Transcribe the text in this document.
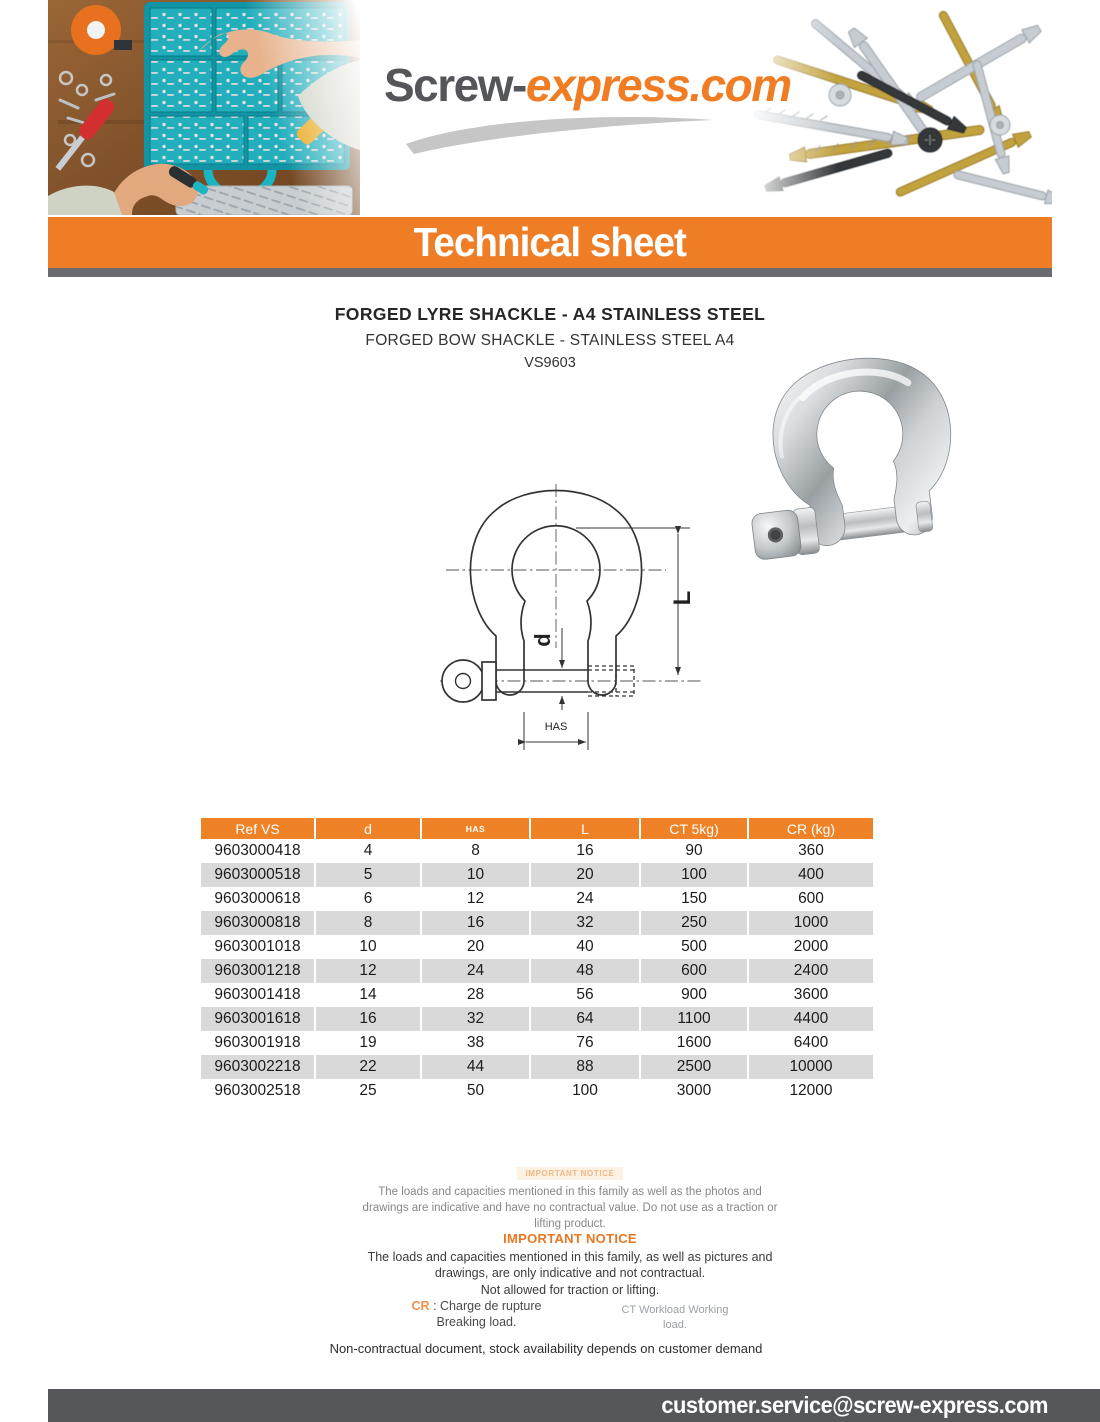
Screw-express.com
Technical sheet
FORGED LYRE SHACKLE - A4 STAINLESS STEEL
FORGED BOW SHACKLE - STAINLESS STEEL A4
VS9603
L
d
HAS
Ref VS	d	HAS	L	CT 5kg)	CR (kg)
9603000418	4	8	16	90	360
9603000518	5	10	20	100	400
9603000618	6	12	24	150	600
9603000818	8	16	32	250	1000
9603001018	10	20	40	500	2000
9603001218	12	24	48	600	2400
9603001418	14	28	56	900	3600
9603001618	16	32	64	1100	4400
9603001918	19	38	76	1600	6400
9603002218	22	44	88	2500	10000
9603002518	25	50	100	3000	12000
IMPORTANT NOTICE
The loads and capacities mentioned in this family as well as the photos and drawings are indicative and have no contractual value. Do not use as a traction or lifting product.
IMPORTANT NOTICE
The loads and capacities mentioned in this family, as well as pictures and drawings, are only indicative and not contractual.
Not allowed for traction or lifting.
CR : Charge de rupture
Breaking load.
CT Workload Working
load.
Non-contractual document, stock availability depends on customer demand
customer.service@screw-express.com
